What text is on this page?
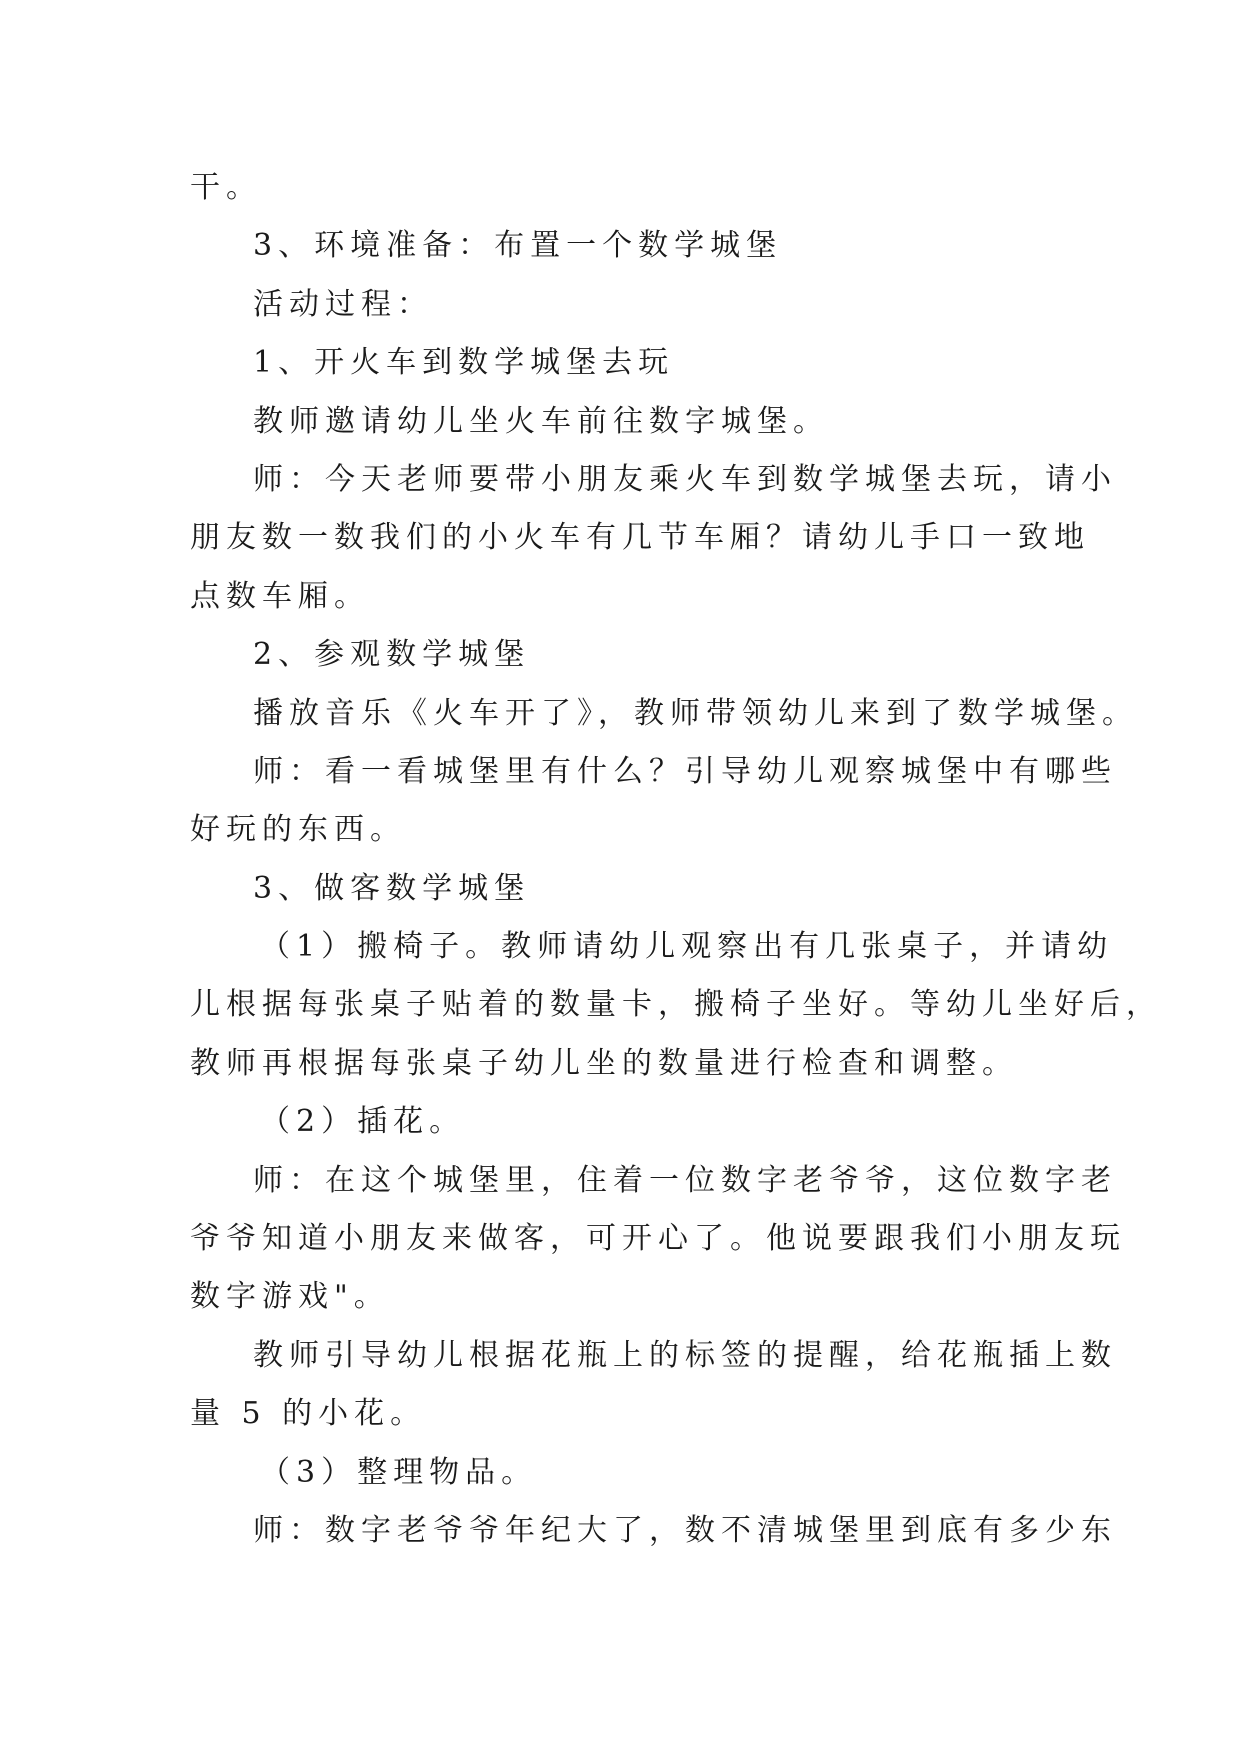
干。
3、环境准备：布置一个数学城堡
活动过程：
1、开火车到数学城堡去玩
教师邀请幼儿坐火车前往数字城堡。
师：今天老师要带小朋友乘火车到数学城堡去玩，请小
朋友数一数我们的小火车有几节车厢？请幼儿手口一致地
点数车厢。
2、参观数学城堡
播放音乐《火车开了》，教师带领幼儿来到了数学城堡。
师：看一看城堡里有什么？引导幼儿观察城堡中有哪些
好玩的东西。
3、做客数学城堡
（1）搬椅子。教师请幼儿观察出有几张桌子，并请幼
儿根据每张桌子贴着的数量卡，搬椅子坐好。等幼儿坐好后，
教师再根据每张桌子幼儿坐的数量进行检查和调整。
（2）插花。
师：在这个城堡里，住着一位数字老爷爷，这位数字老
爷爷知道小朋友来做客，可开心了。他说要跟我们小朋友玩
数字游戏"。
教师引导幼儿根据花瓶上的标签的提醒，给花瓶插上数
量 5 的小花。
（3）整理物品。
师：数字老爷爷年纪大了，数不清城堡里到底有多少东
